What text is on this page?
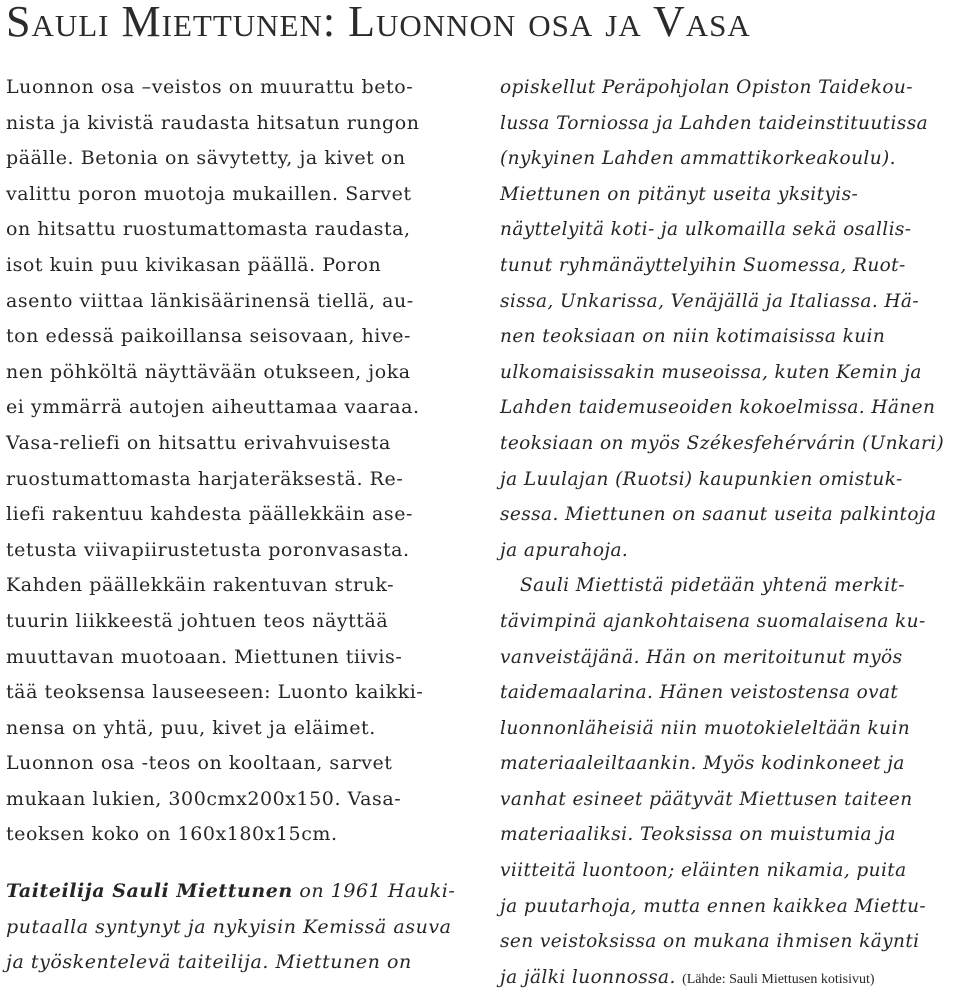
Sauli Miettunen: Luonnon osa ja Vasa
Luonnon osa –veistos on muurattu beto-
nista ja kivistä raudasta hitsatun rungon
päälle. Betonia on sävytetty, ja kivet on
valittu poron muotoja mukaillen. Sarvet
on hitsattu ruostumattomasta raudasta,
isot kuin puu kivikasan päällä. Poron
asento viittaa länkisäärinensä tiellä, au-
ton edessä paikoillansa seisovaan, hive-
nen pöhköltä näyttävään otukseen, joka
ei ymmärrä autojen aiheuttamaa vaaraa.
Vasa-reliefi on hitsattu erivahvuisesta
ruostumattomasta harjateräksestä. Re-
liefi rakentuu kahdesta päällekkäin ase-
tetusta viivapiirustetusta poronvasasta.
Kahden päällekkäin rakentuvan struk-
tuurin liikkeestä johtuen teos näyttää
muuttavan muotoaan. Miettunen tiivis-
tää teoksensa lauseeseen: Luonto kaikki-
nensa on yhtä, puu, kivet ja eläimet.
Luonnon osa -teos on kooltaan, sarvet
mukaan lukien, 300cmx200x150. Vasa-
teoksen koko on 160x180x15cm.
Taiteilija Sauli Miettunen on 1961 Hauki-
putaalla syntynyt ja nykyisin Kemissä asuva
ja työskentelevä taiteilija. Miettunen on
opiskellut Peräpohjolan Opiston Taidekou-
lussa Torniossa ja Lahden taideinstituutissa
(nykyinen Lahden ammattikorkeakoulu).
Miettunen on pitänyt useita yksityis-
näyttelyitä koti- ja ulkomailla sekä osallis-
tunut ryhmänäyttelyihin Suomessa, Ruot-
sissa, Unkarissa, Venäjällä ja Italiassa. Hä-
nen teoksiaan on niin kotimaisissa kuin
ulkomaisissakin museoissa, kuten Kemin ja
Lahden taidemuseoiden kokoelmissa. Hänen
teoksiaan on myös Székesfehérvárin (Unkari)
ja Luulajan (Ruotsi) kaupunkien omistuk-
sessa. Miettunen on saanut useita palkintoja
ja apurahoja.
Sauli Miettistä pidetään yhtenä merkit-
tävimpinä ajankohtaisena suomalaisena ku-
vanveistäjänä. Hän on meritoitunut myös
taidemaalarina. Hänen veistostensa ovat
luonnonläheisiä niin muotokieleltään kuin
materiaaleiltaankin. Myös kodinkoneet ja
vanhat esineet päätyvät Miettusen taiteen
materiaaliksi. Teoksissa on muistumia ja
viitteitä luontoon; eläinten nikamia, puita
ja puutarhoja, mutta ennen kaikkea Miettu-
sen veistoksissa on mukana ihmisen käynti
ja jälki luonnossa. (Lähde: Sauli Miettusen kotisivut)
